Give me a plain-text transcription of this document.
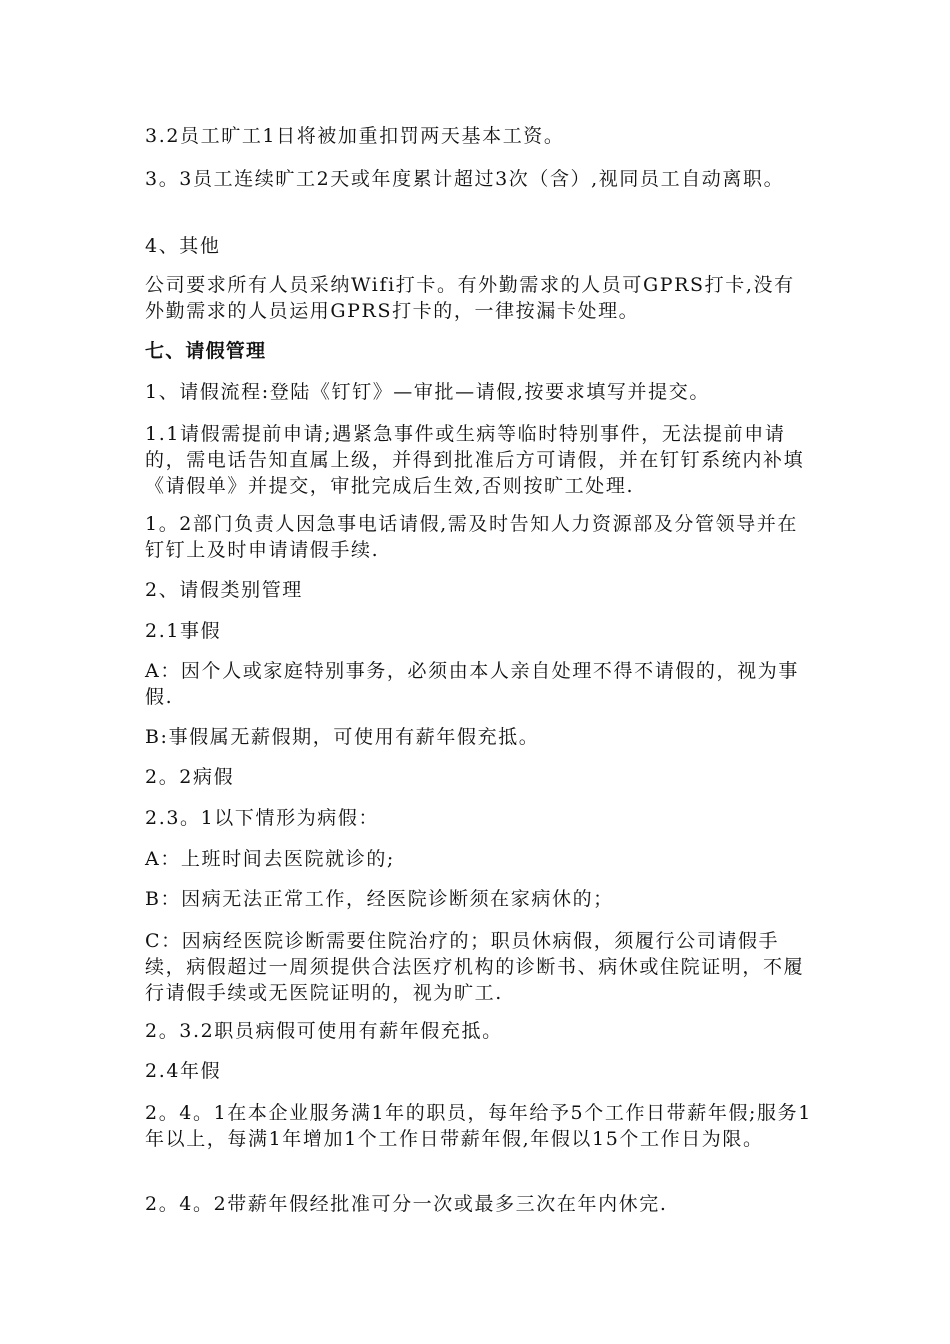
3.2员工旷工1日将被加重扣罚两天基本工资。

3。3员工连续旷工2天或年度累计超过3次（含）,视同员工自动离职。

4、其他

公司要求所有人员采纳Wifi打卡。有外勤需求的人员可GPRS打卡,没有外勤需求的人员运用GPRS打卡的，一律按漏卡处理。

七、请假管理

1、请假流程:登陆《钉钉》—审批—请假,按要求填写并提交。

1.1请假需提前申请;遇紧急事件或生病等临时特别事件，无法提前申请的，需电话告知直属上级，并得到批准后方可请假，并在钉钉系统内补填《请假单》并提交，审批完成后生效,否则按旷工处理.

1。2部门负责人因急事电话请假,需及时告知人力资源部及分管领导并在钉钉上及时申请请假手续.

2、请假类别管理

2.1事假

A：因个人或家庭特别事务，必须由本人亲自处理不得不请假的，视为事假.

B:事假属无薪假期，可使用有薪年假充抵。

2。2病假

2.3。1以下情形为病假：

A：上班时间去医院就诊的;

B：因病无法正常工作，经医院诊断须在家病休的；

C：因病经医院诊断需要住院治疗的；职员休病假，须履行公司请假手续，病假超过一周须提供合法医疗机构的诊断书、病休或住院证明，不履行请假手续或无医院证明的，视为旷工.

2。3.2职员病假可使用有薪年假充抵。

2.4年假

2。4。1在本企业服务满1年的职员，每年给予5个工作日带薪年假;服务1年以上，每满1年增加1个工作日带薪年假,年假以15个工作日为限。

2。4。2带薪年假经批准可分一次或最多三次在年内休完.
